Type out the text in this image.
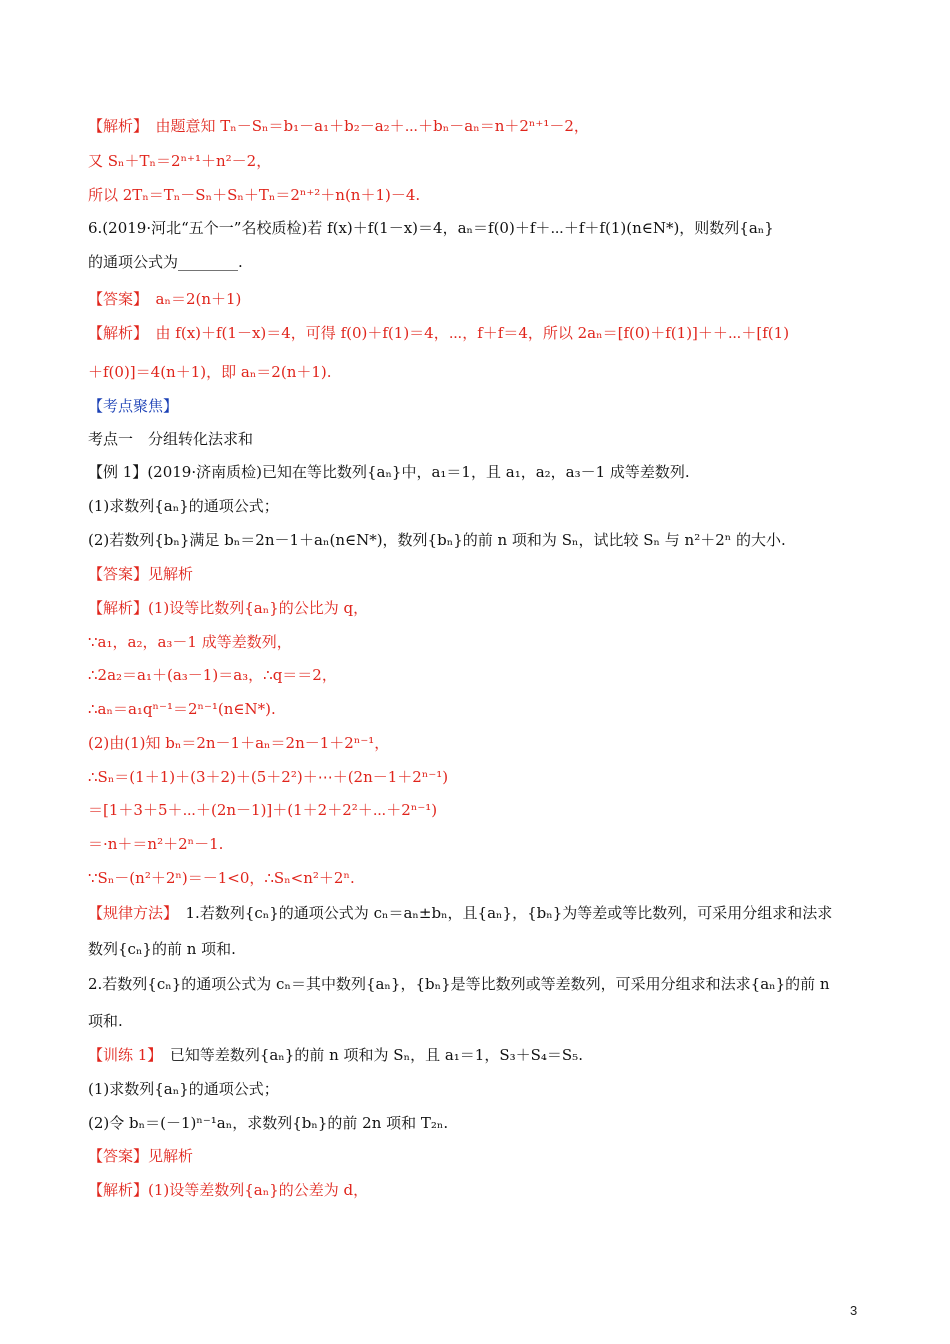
【解析】　由题意知 Tₙ－Sₙ＝b₁－a₁＋b₂－a₂＋⋯＋bₙ－aₙ＝n＋2ⁿ⁺¹－2，
又 Sₙ＋Tₙ＝2ⁿ⁺¹＋n²－2，
所以 2Tₙ＝Tₙ－Sₙ＋Sₙ＋Tₙ＝2ⁿ⁺²＋n(n＋1)－4.
6.(2019·河北“五个一”名校质检)若 f(x)＋f(1－x)＝4，aₙ＝f(0)＋f＋⋯＋f＋f(1)(n∈N*)，则数列{aₙ}
的通项公式为________.
【答案】　aₙ＝2(n＋1)
【解析】　由 f(x)＋f(1－x)＝4，可得 f(0)＋f(1)＝4，⋯，f＋f＝4，所以 2aₙ＝[f(0)＋f(1)]＋＋⋯＋[f(1)
＋f(0)]＝4(n＋1)，即 aₙ＝2(n＋1).
【考点聚焦】
考点一　分组转化法求和
【例 1】(2019·济南质检)已知在等比数列{aₙ}中，a₁＝1，且 a₁，a₂，a₃－1 成等差数列.
(1)求数列{aₙ}的通项公式；
(2)若数列{bₙ}满足 bₙ＝2n－1＋aₙ(n∈N*)，数列{bₙ}的前 n 项和为 Sₙ，试比较 Sₙ 与 n²＋2ⁿ 的大小.
【答案】见解析
【解析】(1)设等比数列{aₙ}的公比为 q，
∵a₁，a₂，a₃－1 成等差数列，
∴2a₂＝a₁＋(a₃－1)＝a₃，∴q＝＝2，
∴aₙ＝a₁qⁿ⁻¹＝2ⁿ⁻¹(n∈N*).
(2)由(1)知 bₙ＝2n－1＋aₙ＝2n－1＋2ⁿ⁻¹，
∴Sₙ＝(1＋1)＋(3＋2)＋(5＋2²)＋⋯＋(2n－1＋2ⁿ⁻¹)
＝[1＋3＋5＋⋯＋(2n－1)]＋(1＋2＋2²＋⋯＋2ⁿ⁻¹)
＝·n＋＝n²＋2ⁿ－1.
∵Sₙ－(n²＋2ⁿ)＝－1<0，∴Sₙ<n²＋2ⁿ.
【规律方法】　1.若数列{cₙ}的通项公式为 cₙ＝aₙ±bₙ，且{aₙ}，{bₙ}为等差或等比数列，可采用分组求和法求
数列{cₙ}的前 n 项和.
2.若数列{cₙ}的通项公式为 cₙ＝其中数列{aₙ}，{bₙ}是等比数列或等差数列，可采用分组求和法求{aₙ}的前 n
项和.
【训练 1】　已知等差数列{aₙ}的前 n 项和为 Sₙ，且 a₁＝1，S₃＋S₄＝S₅.
(1)求数列{aₙ}的通项公式；
(2)令 bₙ＝(－1)ⁿ⁻¹aₙ，求数列{bₙ}的前 2n 项和 T₂ₙ.
【答案】见解析
【解析】(1)设等差数列{aₙ}的公差为 d，
3
